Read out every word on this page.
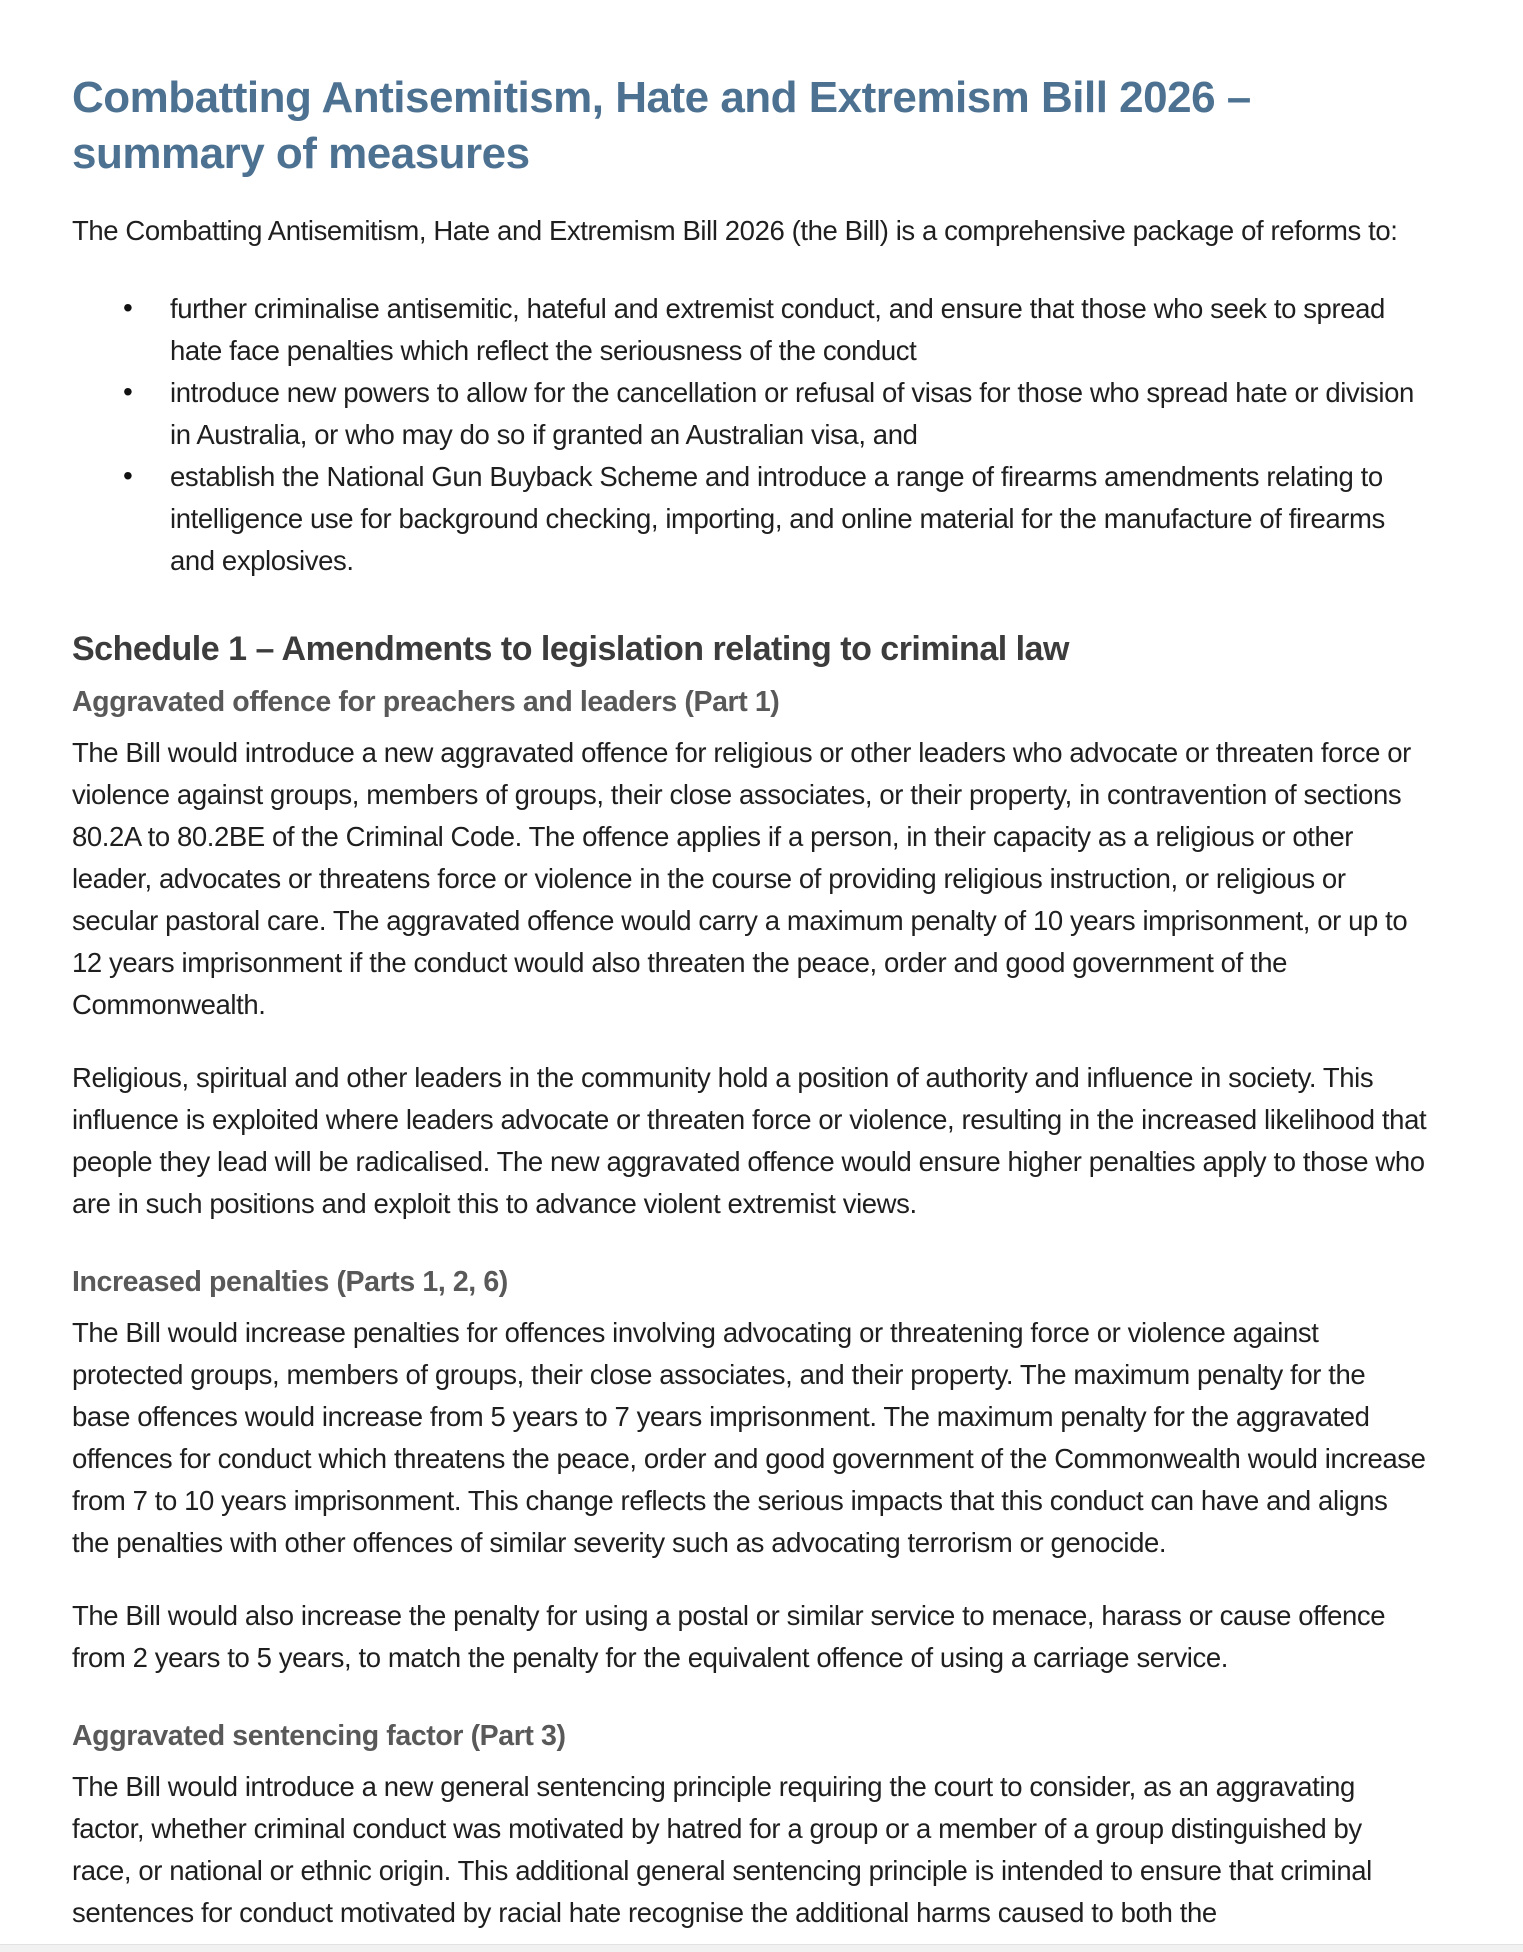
Combatting Antisemitism, Hate and Extremism Bill 2026 –
summary of measures

The Combatting Antisemitism, Hate and Extremism Bill 2026 (the Bill) is a comprehensive package of reforms to:

• further criminalise antisemitic, hateful and extremist conduct, and ensure that those who seek to spread hate face penalties which reflect the seriousness of the conduct
• introduce new powers to allow for the cancellation or refusal of visas for those who spread hate or division in Australia, or who may do so if granted an Australian visa, and
• establish the National Gun Buyback Scheme and introduce a range of firearms amendments relating to intelligence use for background checking, importing, and online material for the manufacture of firearms and explosives.
Schedule 1 – Amendments to legislation relating to criminal law
Aggravated offence for preachers and leaders (Part 1)

The Bill would introduce a new aggravated offence for religious or other leaders who advocate or threaten force or violence against groups, members of groups, their close associates, or their property, in contravention of sections 80.2A to 80.2BE of the Criminal Code. The offence applies if a person, in their capacity as a religious or other leader, advocates or threatens force or violence in the course of providing religious instruction, or religious or secular pastoral care. The aggravated offence would carry a maximum penalty of 10 years imprisonment, or up to 12 years imprisonment if the conduct would also threaten the peace, order and good government of the Commonwealth.

Religious, spiritual and other leaders in the community hold a position of authority and influence in society. This influence is exploited where leaders advocate or threaten force or violence, resulting in the increased likelihood that people they lead will be radicalised. The new aggravated offence would ensure higher penalties apply to those who are in such positions and exploit this to advance violent extremist views.

Increased penalties (Parts 1, 2, 6)

The Bill would increase penalties for offences involving advocating or threatening force or violence against protected groups, members of groups, their close associates, and their property. The maximum penalty for the base offences would increase from 5 years to 7 years imprisonment. The maximum penalty for the aggravated offences for conduct which threatens the peace, order and good government of the Commonwealth would increase from 7 to 10 years imprisonment. This change reflects the serious impacts that this conduct can have and aligns the penalties with other offences of similar severity such as advocating terrorism or genocide.

The Bill would also increase the penalty for using a postal or similar service to menace, harass or cause offence from 2 years to 5 years, to match the penalty for the equivalent offence of using a carriage service.

Aggravated sentencing factor (Part 3)

The Bill would introduce a new general sentencing principle requiring the court to consider, as an aggravating factor, whether criminal conduct was motivated by hatred for a group or a member of a group distinguished by race, or national or ethnic origin. This additional general sentencing principle is intended to ensure that criminal sentences for conduct motivated by racial hate recognise the additional harms caused to both the
